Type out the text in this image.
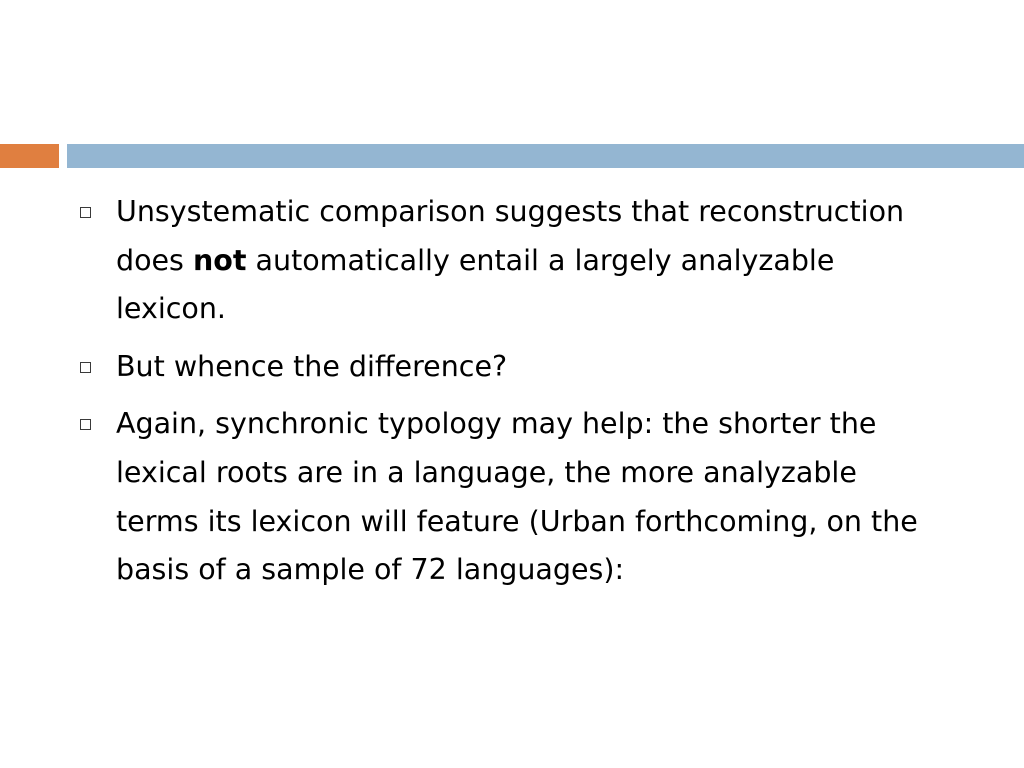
Unsystematic comparison suggests that reconstruction does not automatically entail a largely analyzable lexicon.
But whence the difference?
Again, synchronic typology may help: the shorter the lexical roots are in a language, the more analyzable terms its lexicon will feature (Urban forthcoming, on the basis of a sample of 72 languages):
